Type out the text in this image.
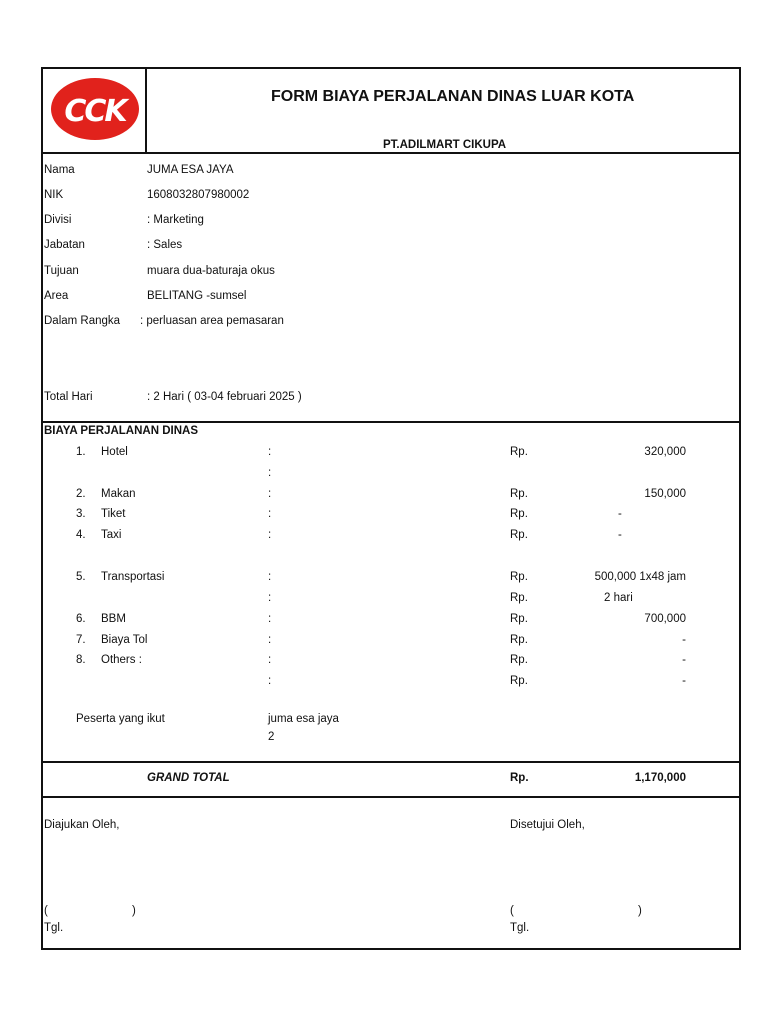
CCK	FORM BIAYA PERJALANAN DINAS LUAR KOTA
PT.ADILMART CIKUPA
Nama	JUMA ESA JAYA
NIK	1608032807980002
Divisi	: Marketing
Jabatan	: Sales
Tujuan	muara dua-baturaja okus
Area	BELITANG -sumsel
Dalam Rangka : perluasan area pemasaran
Total Hari	: 2 Hari ( 03-04 februari 2025 )
BIAYA PERJALANAN DINAS
1. Hotel	:	Rp.	320,000
:
2. Makan	:	Rp.	150,000
3. Tiket	:	Rp.	-
4. Taxi	:	Rp.	-
5. Transportasi	:	Rp.	500,000 1x48 jam
:	Rp.	2 hari
6. BBM	:	Rp.	700,000
7. Biaya Tol	:	Rp.	-
8. Others :	:	Rp.	-
:	Rp.	-
Peserta yang ikut	juma esa jaya
2
GRAND TOTAL	Rp.	1,170,000
Diajukan Oleh,	Disetujui Oleh,
(	)	(	)
Tgl.	Tgl.
